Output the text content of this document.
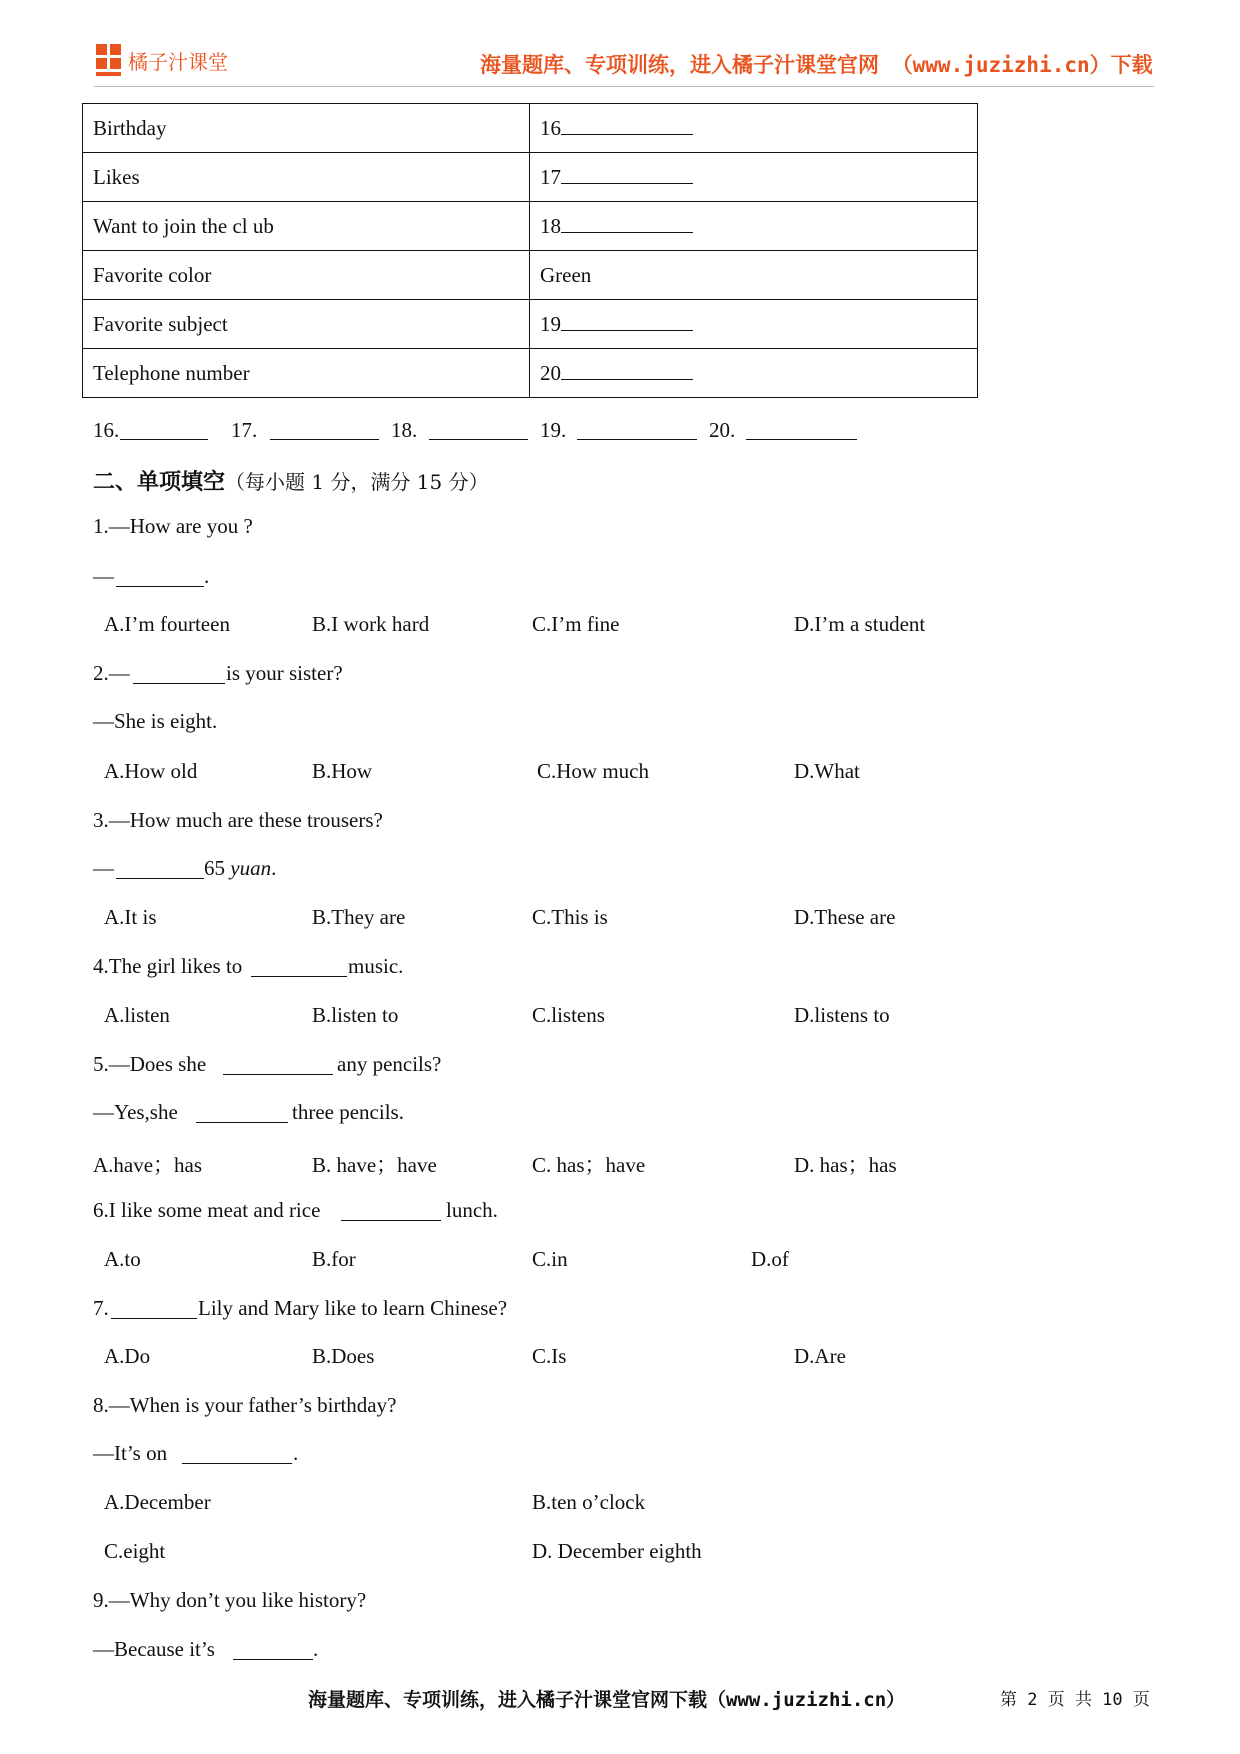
橘子汁课堂	海量题库、专项训练，进入橘子汁课堂官网 （www.juzizhi.cn）下载
Birthday	16
Likes	17
Want to join the cl ub	18
Favorite color	Green
Favorite subject	19
Telephone number	20
16.	17.	18.	19.	20.
二、单项填空（每小题 1 分，满分 15 分）
1.—How are you ?
—	.
A.I’m fourteen	B.I work hard	C.I’m fine	D.I’m a student
2.—	is your sister?
—She is eight.
A.How old	B.How	C.How much	D.What
3.—How much are these trousers?
—	65 yuan.
A.It is	B.They are	C.This is	D.These are
4.The girl likes to	music.
A.listen	B.listen to	C.listens	D.listens to
5.—Does she	any pencils?
—Yes,she	three pencils.
A.have；has	B. have；have	C. has；have	D. has；has
6.I like some meat and rice	lunch.
A.to	B.for	C.in	D.of
7.	Lily and Mary like to learn Chinese?
A.Do	B.Does	C.Is	D.Are
8.—When is your father’s birthday?
—It’s on	.
A.December	B.ten o’clock
C.eight	D. December eighth
9.—Why don’t you like history?
—Because it’s	.
海量题库、专项训练，进入橘子汁课堂官网下载（www.juzizhi.cn）	第 2 页 共 10 页
